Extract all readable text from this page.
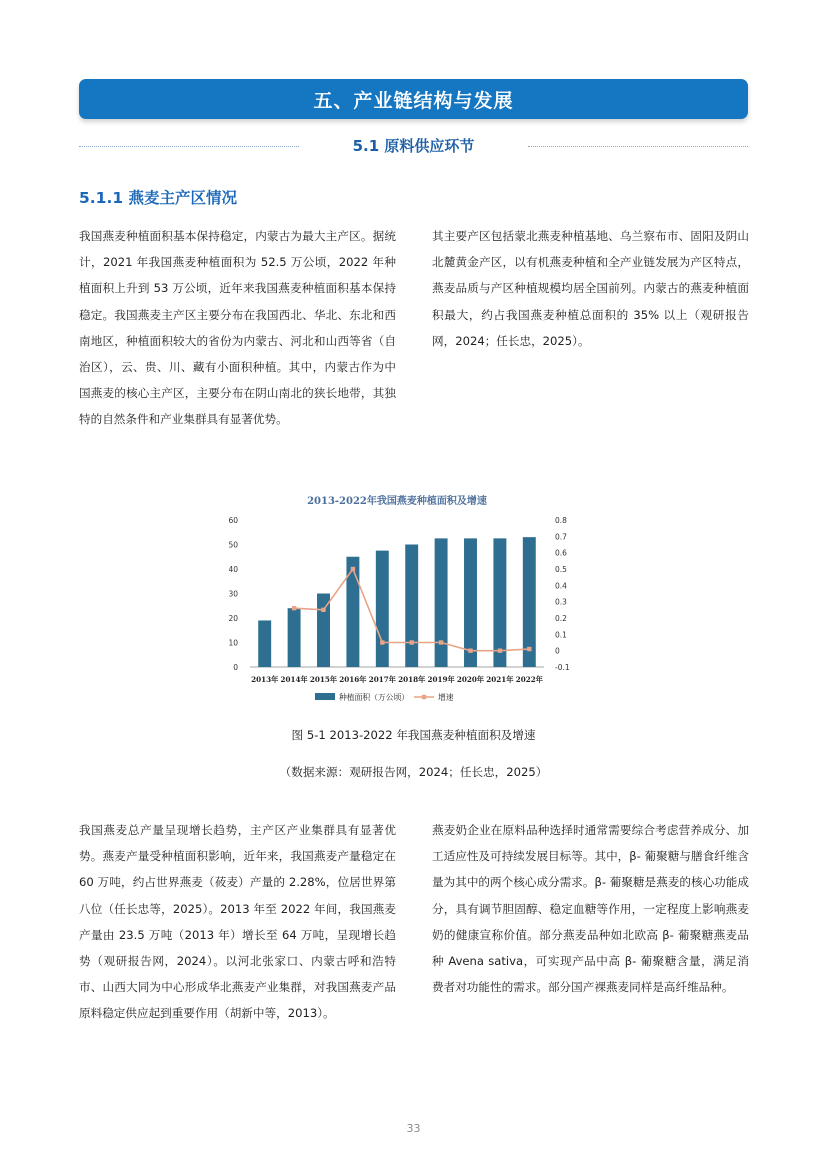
五、产业链结构与发展
5.1 原料供应环节
5.1.1 燕麦主产区情况

我国燕麦种植面积基本保持稳定，内蒙古为最大主产区。据统计，2021 年我国燕麦种植面积为 52.5 万公顷，2022 年种植面积上升到 53 万公顷，近年来我国燕麦种植面积基本保持稳定。我国燕麦主产区主要分布在我国西北、华北、东北和西南地区，种植面积较大的省份为内蒙古、河北和山西等省（自治区），云、贵、川、藏有小面积种植。其中，内蒙古作为中国燕麦的核心主产区，主要分布在阴山南北的狭长地带，其独特的自然条件和产业集群具有显著优势。

其主要产区包括蒙北燕麦种植基地、乌兰察布市、固阳及阴山北麓黄金产区，以有机燕麦种植和全产业链发展为产区特点，燕麦品质与产区种植规模均居全国前列。内蒙古的燕麦种植面积最大，约占我国燕麦种植总面积的 35% 以上（观研报告网，2024；任长忠，2025）。

2013-2022年我国燕麦种植面积及增速
0
10
20
30
40
50
60
-0.1
0
0.1
0.2
0.3
0.4
0.5
0.6
0.7
0.8
2013年 2014年 2015年 2016年 2017年 2018年 2019年 2020年 2021年 2022年
种植面积（万公顷）	增速
图 5-1 2013-2022 年我国燕麦种植面积及增速
（数据来源：观研报告网，2024；任长忠，2025）

我国燕麦总产量呈现增长趋势，主产区产业集群具有显著优势。燕麦产量受种植面积影响，近年来，我国燕麦产量稳定在 60 万吨，约占世界燕麦（莜麦）产量的 2.28%，位居世界第八位（任长忠等，2025）。2013 年至 2022 年间，我国燕麦产量由 23.5 万吨（2013 年）增长至 64 万吨，呈现增长趋势（观研报告网，2024）。以河北张家口、内蒙古呼和浩特市、山西大同为中心形成华北燕麦产业集群，对我国燕麦产品原料稳定供应起到重要作用（胡新中等，2013）。

燕麦奶企业在原料品种选择时通常需要综合考虑营养成分、加工适应性及可持续发展目标等。其中，β- 葡聚糖与膳食纤维含量为其中的两个核心成分需求。β- 葡聚糖是燕麦的核心功能成分，具有调节胆固醇、稳定血糖等作用，一定程度上影响燕麦奶的健康宣称价值。部分燕麦品种如北欧高 β- 葡聚糖燕麦品种 Avena sativa，可实现产品中高 β- 葡聚糖含量，满足消费者对功能性的需求。部分国产裸燕麦同样是高纤维品种。

33
